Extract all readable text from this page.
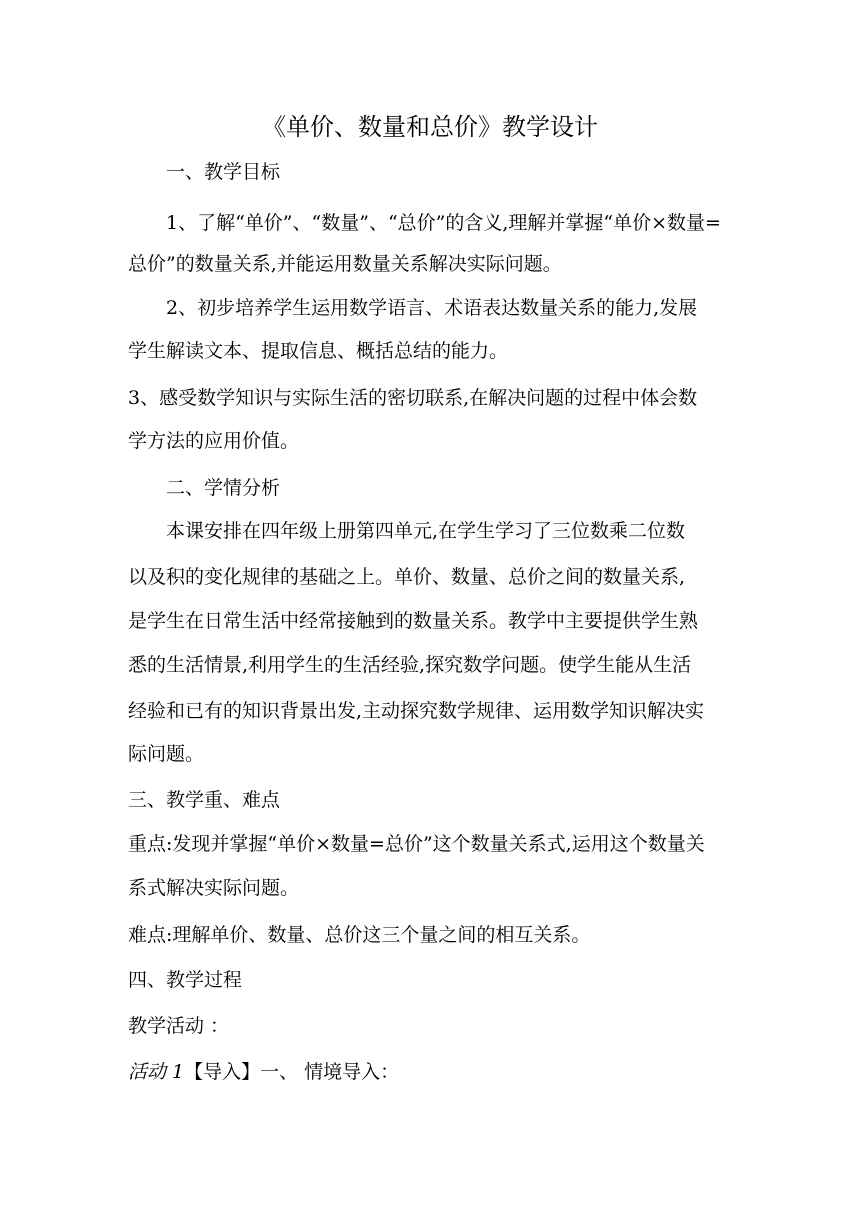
《单价、数量和总价》教学设计
一、教学目标
1、了解“单价”、“数量”、“总价”的含义,理解并掌握“单价×数量=
总价”的数量关系,并能运用数量关系解决实际问题。
2、初步培养学生运用数学语言、术语表达数量关系的能力,发展
学生解读文本、提取信息、概括总结的能力。
3、感受数学知识与实际生活的密切联系,在解决问题的过程中体会数
学方法的应用价值。
二、学情分析
本课安排在四年级上册第四单元,在学生学习了三位数乘二位数
以及积的变化规律的基础之上。单价、数量、总价之间的数量关系,
是学生在日常生活中经常接触到的数量关系。教学中主要提供学生熟
悉的生活情景,利用学生的生活经验,探究数学问题。使学生能从生活
经验和已有的知识背景出发,主动探究数学规律、运用数学知识解决实
际问题。
三、教学重、难点
重点:发现并掌握“单价×数量=总价”这个数量关系式,运用这个数量关
系式解决实际问题。
难点:理解单价、数量、总价这三个量之间的相互关系。
四、教学过程
教学活动 ：
活动 1【导入】一、 情境导入：
